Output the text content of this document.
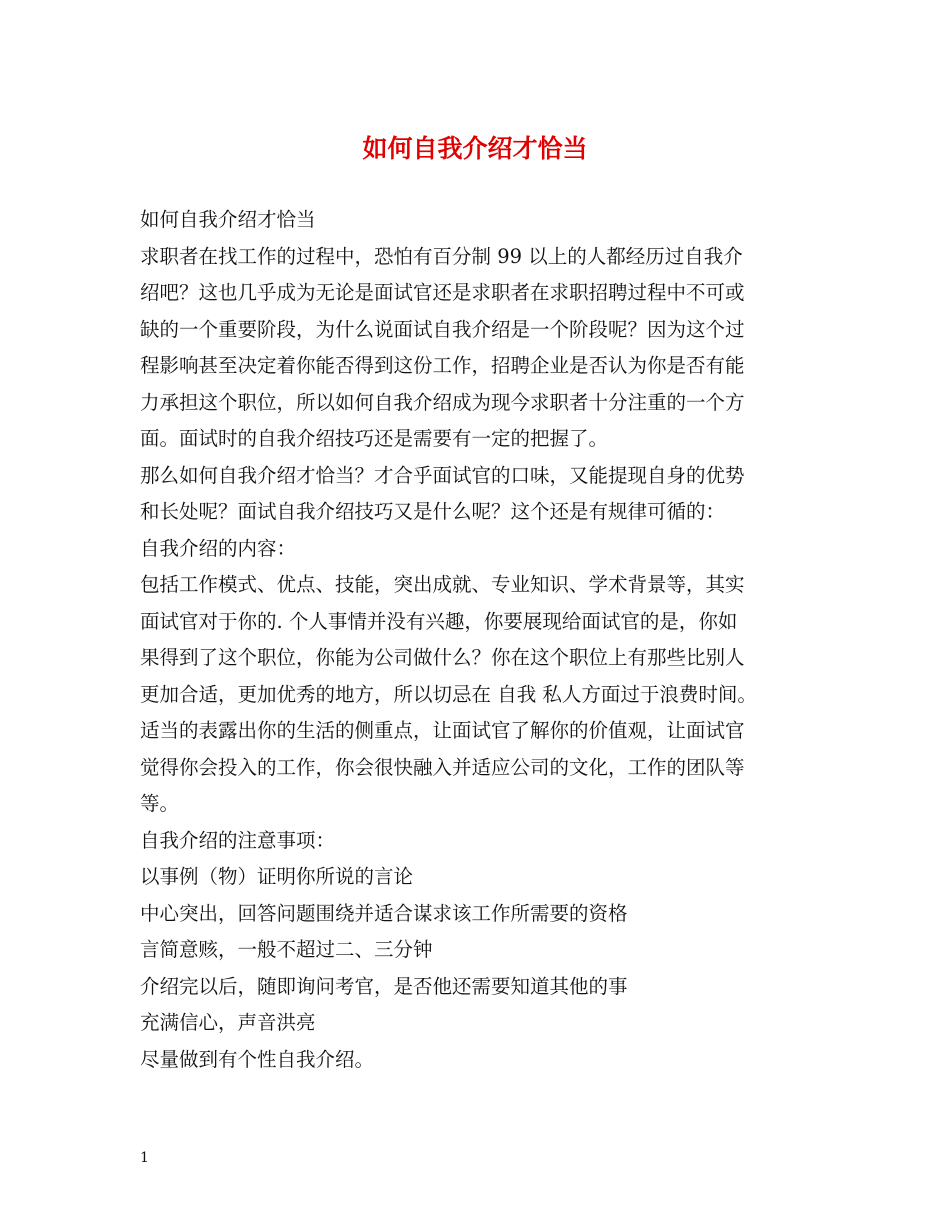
如何自我介绍才恰当
如何自我介绍才恰当
求职者在找工作的过程中，恐怕有百分制 99 以上的人都经历过自我介
绍吧？这也几乎成为无论是面试官还是求职者在求职招聘过程中不可或
缺的一个重要阶段，为什么说面试自我介绍是一个阶段呢？因为这个过
程影响甚至决定着你能否得到这份工作，招聘企业是否认为你是否有能
力承担这个职位，所以如何自我介绍成为现今求职者十分注重的一个方
面。面试时的自我介绍技巧还是需要有一定的把握了。
那么如何自我介绍才恰当？才合乎面试官的口味，又能提现自身的优势
和长处呢？面试自我介绍技巧又是什么呢？这个还是有规律可循的：
自我介绍的内容：
包括工作模式、优点、技能，突出成就、专业知识、学术背景等，其实
面试官对于你的. 个人事情并没有兴趣，你要展现给面试官的是，你如
果得到了这个职位，你能为公司做什么？你在这个职位上有那些比别人
更加合适，更加优秀的地方，所以切忌在 自我 私人方面过于浪费时间。
适当的表露出你的生活的侧重点，让面试官了解你的价值观，让面试官
觉得你会投入的工作，你会很快融入并适应公司的文化，工作的团队等
等。
自我介绍的注意事项：
以事例（物）证明你所说的言论
中心突出，回答问题围绕并适合谋求该工作所需要的资格
言简意赅，一般不超过二、三分钟
介绍完以后，随即询问考官，是否他还需要知道其他的事
充满信心，声音洪亮
尽量做到有个性自我介绍。
1
